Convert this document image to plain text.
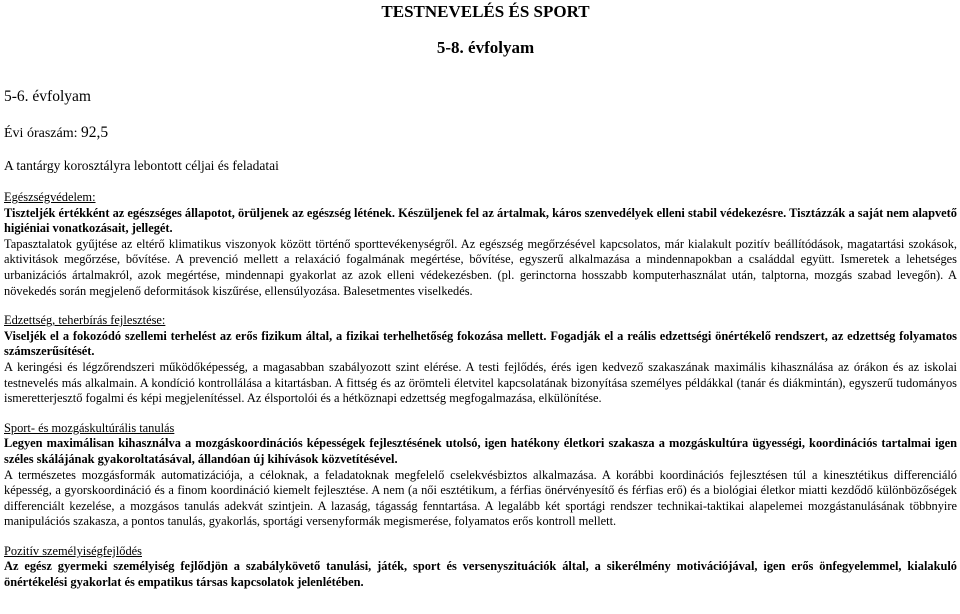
TESTNEVELÉS ÉS SPORT
5-8. évfolyam
5-6. évfolyam
Évi óraszám: 92,5
A tantárgy korosztályra lebontott céljai és feladatai

Egészségvédelem:

Tiszteljék értékként az egészséges állapotot, örüljenek az egészség létének. Készüljenek fel az ártalmak, káros szenvedélyek elleni stabil védekezésre. Tisztázzák a saját nem alapvető higiéniai vonatkozásait, jellegét.

Tapasztalatok gyűjtése az eltérő klimatikus viszonyok között történő sporttevékenységről. Az egészség megőrzésével kapcsolatos, már kialakult pozitív beállítódások, magatartási szokások, aktivitások megőrzése, bővítése. A prevenció mellett a relaxáció fogalmának megértése, bővítése, egyszerű alkalmazása a mindennapokban a családdal együtt. Ismeretek a lehetséges urbanizációs ártalmakról, azok megértése, mindennapi gyakorlat az azok elleni védekezésben. (pl. gerinctorna hosszabb komputerhasználat után, talptorna, mozgás szabad levegőn). A növekedés során megjelenő deformitások kiszűrése, ellensúlyozása. Balesetmentes viselkedés.

Edzettség, teherbírás fejlesztése:

Viseljék el a fokozódó szellemi terhelést az erős fizikum által, a fizikai terhelhetőség fokozása mellett. Fogadják el a reális edzettségi önértékelő rendszert, az edzettség folyamatos számszerűsítését.

A keringési és légzőrendszeri működőképesség, a magasabban szabályozott szint elérése. A testi fejlődés, érés igen kedvező szakaszának maximális kihasználása az órákon és az iskolai testnevelés más alkalmain. A kondíció kontrollálása a kitartásban. A fittség és az örömteli életvitel kapcsolatának bizonyítása személyes példákkal (tanár és diákmintán), egyszerű tudományos ismeretterjesztő fogalmi és képi megjelenítéssel. Az élsportolói és a hétköznapi edzettség megfogalmazása, elkülönítése.

Sport- és mozgáskultúrális tanulás

Legyen maximálisan kihasználva a mozgáskoordinációs képességek fejlesztésének utolsó, igen hatékony életkori szakasza a mozgáskultúra ügyességi, koordinációs tartalmai igen széles skálájának gyakoroltatásával, állandóan új kihívások közvetítésével.

A természetes mozgásformák automatizációja, a céloknak, a feladatoknak megfelelő cselekvésbiztos alkalmazása. A korábbi koordinációs fejlesztésen túl a kinesztétikus differenciáló képesség, a gyorskoordináció és a finom koordináció kiemelt fejlesztése. A nem (a női esztétikum, a férfias önérvényesítő és férfias erő) és a biológiai életkor miatti kezdődő különbözőségek differenciált kezelése, a mozgásos tanulás adekvát szintjein. A lazaság, tágasság fenntartása. A legalább két sportági rendszer technikai-taktikai alapelemei mozgástanulásának többnyire manipulációs szakasza, a pontos tanulás, gyakorlás, sportági versenyformák megismerése, folyamatos erős kontroll mellett.

Pozitív személyiségfejlődés

Az egész gyermeki személyiség fejlődjön a szabálykövető tanulási, játék, sport és versenyszituációk által, a sikerélmény motivációjával, igen erős önfegyelemmel, kialakuló önértékelési gyakorlat és empatikus társas kapcsolatok jelenlétében.
